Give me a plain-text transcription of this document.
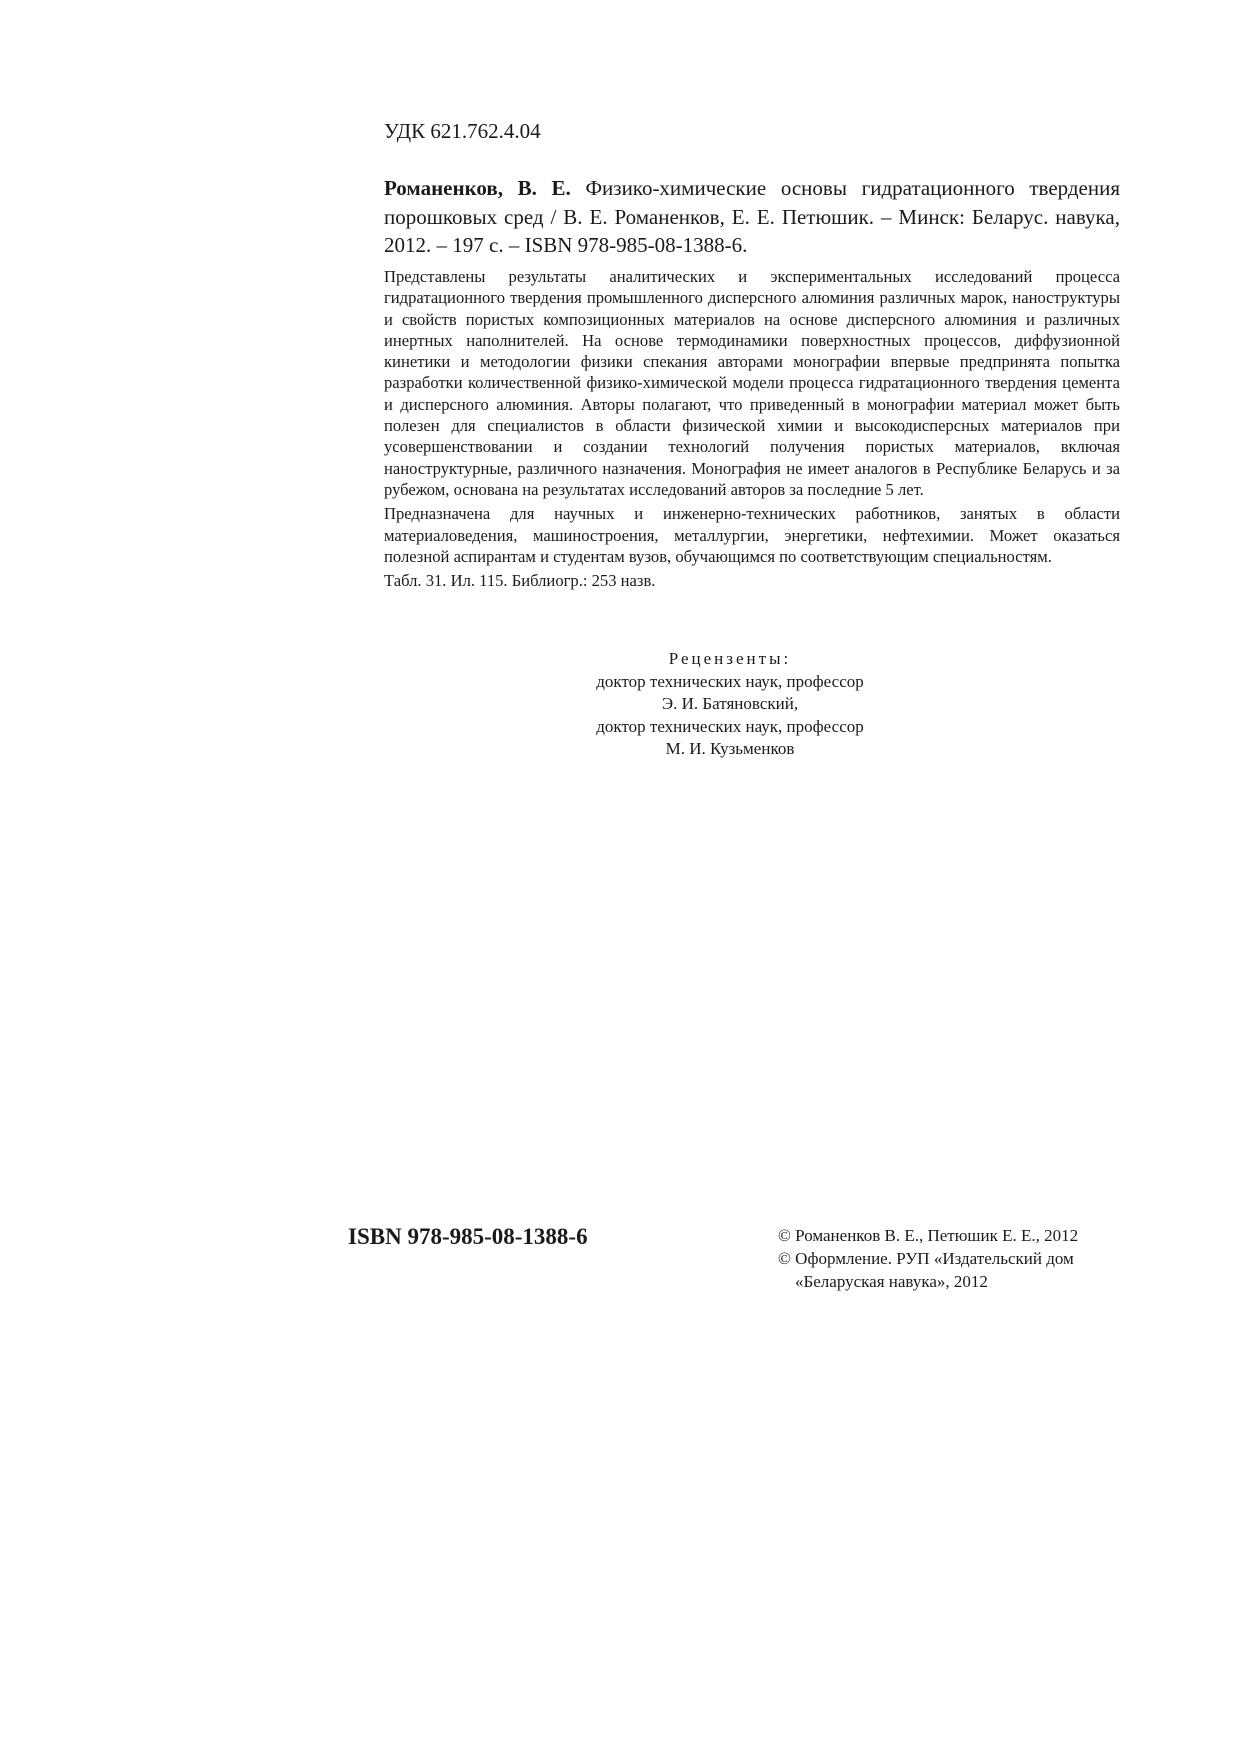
УДК 621.762.4.04
Романенков, В. Е. Физико-химические основы гидратационного твердения порошковых сред / В. Е. Романенков, Е. Е. Петюшик. – Минск: Беларус. навука, 2012. – 197 с. – ISBN 978-985-08-1388-6.

Представлены результаты аналитических и экспериментальных исследований процесса гидратационного твердения промышленного дисперсного алюминия различных марок, наноструктуры и свойств пористых композиционных материалов на основе дисперсного алюминия и различных инертных наполнителей. На основе термодинамики поверхностных процессов, диффузионной кинетики и методологии физики спекания авторами монографии впервые предпринята попытка разработки количественной физико-химической модели процесса гидратационного твердения цемента и дисперсного алюминия. Авторы полагают, что приведенный в монографии материал может быть полезен для специалистов в области физической химии и высокодисперсных материалов при усовершенствовании и создании технологий получения пористых материалов, включая наноструктурные, различного назначения. Монография не имеет аналогов в Республике Беларусь и за рубежом, основана на результатах исследований авторов за последние 5 лет.

Предназначена для научных и инженерно-технических работников, занятых в области материаловедения, машиностроения, металлургии, энергетики, нефтехимии. Может оказаться полезной аспирантам и студентам вузов, обучающимся по соответствующим специальностям.

Табл. 31. Ил. 115. Библиогр.: 253 назв.

Рецензенты:
доктор технических наук, профессор
Э. И. Батяновский,
доктор технических наук, профессор
М. И. Кузьменков
ISBN 978-985-08-1388-6	© Романенков В. Е., Петюшик Е. Е., 2012
© Оформление. РУП «Издательский дом
«Беларуская навука», 2012
